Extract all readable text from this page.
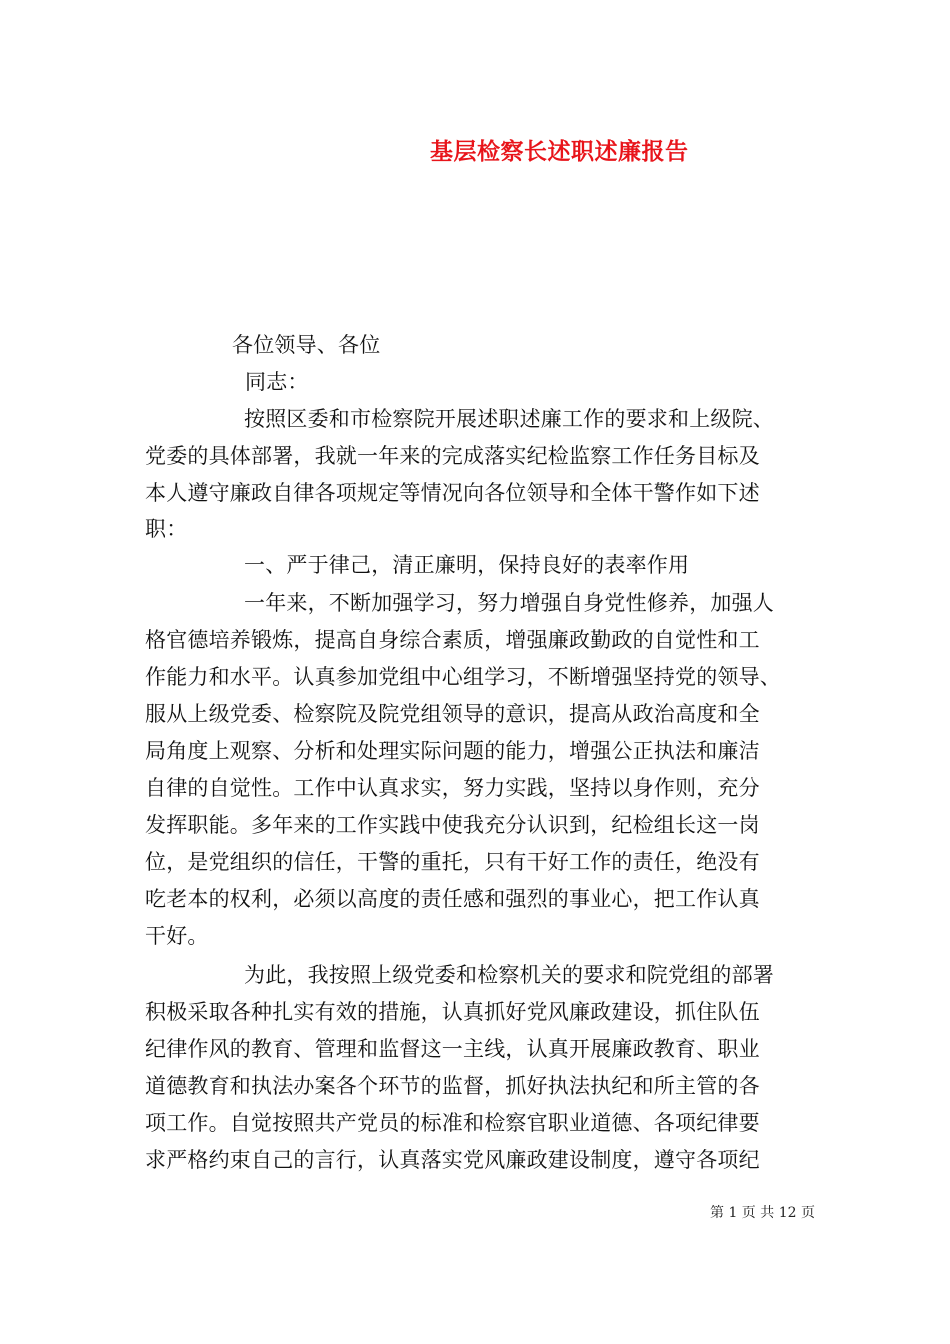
基层检察长述职述廉报告
各位领导、各位
同志：
按照区委和市检察院开展述职述廉工作的要求和上级院、
党委的具体部署，我就一年来的完成落实纪检监察工作任务目标及
本人遵守廉政自律各项规定等情况向各位领导和全体干警作如下述
职：
一、严于律己，清正廉明，保持良好的表率作用
一年来，不断加强学习，努力增强自身党性修养，加强人
格官德培养锻炼，提高自身综合素质，增强廉政勤政的自觉性和工
作能力和水平。认真参加党组中心组学习，不断增强坚持党的领导、
服从上级党委、检察院及院党组领导的意识，提高从政治高度和全
局角度上观察、分析和处理实际问题的能力，增强公正执法和廉洁
自律的自觉性。工作中认真求实，努力实践，坚持以身作则，充分
发挥职能。多年来的工作实践中使我充分认识到，纪检组长这一岗
位，是党组织的信任，干警的重托，只有干好工作的责任，绝没有
吃老本的权利，必须以高度的责任感和强烈的事业心，把工作认真
干好。
为此，我按照上级党委和检察机关的要求和院党组的部署
积极采取各种扎实有效的措施，认真抓好党风廉政建设，抓住队伍
纪律作风的教育、管理和监督这一主线，认真开展廉政教育、职业
道德教育和执法办案各个环节的监督，抓好执法执纪和所主管的各
项工作。自觉按照共产党员的标准和检察官职业道德、各项纪律要
求严格约束自己的言行，认真落实党风廉政建设制度，遵守各项纪
第 1 页 共 12 页
